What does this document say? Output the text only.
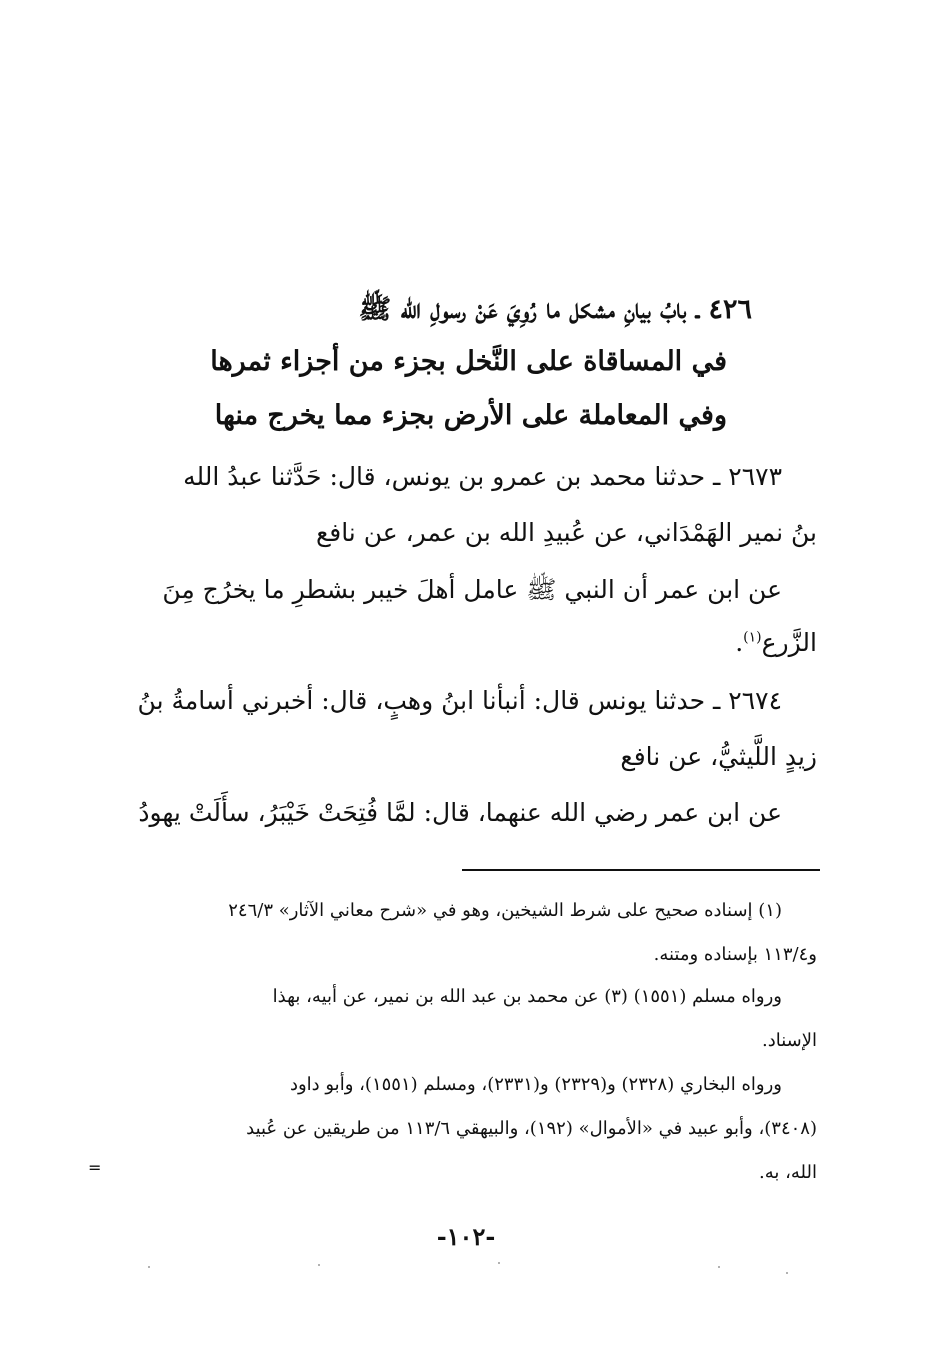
٤٢٦ ـ بابُ بيانِ مشكل ما رُوِيَ عَنْ رسولِ الله ﷺ
في المساقاة على النَّخل بجزء من أجزاء ثمرها
وفي المعاملة على الأرض بجزء مما يخرج منها
٢٦٧٣ ـ حدثنا محمد بن عمرو بن يونس، قال: حَدَّثنا عبدُ الله
بنُ نمير الهَمْدَاني، عن عُبيدِ الله بن عمر، عن نافع
عن ابن عمر أن النبي ﷺ عامل أهلَ خيبر بشطرِ ما يخرُج مِنَ
الزَّرع$^{(١)}$.
٢٦٧٤ ـ حدثنا يونس قال: أنبأنا ابنُ وهبٍ، قال: أخبرني أسامةُ بنُ
زيدٍ اللَّيثيُّ، عن نافع
عن ابن عمر رضي الله عنهما، قال: لمَّا فُتِحَتْ خَيْبَرُ، سأَلَتْ يهودُ
(١) إسناده صحيح على شرط الشيخين، وهو في «شرح معاني الآثار» ٢٤٦/٣
و١١٣/٤ بإسناده ومتنه.
ورواه مسلم (١٥٥١) (٣) عن محمد بن عبد الله بن نمير، عن أبيه، بهذا
الإسناد.
ورواه البخاري (٢٣٢٨) و(٢٣٢٩) و(٢٣٣١)، ومسلم (١٥٥١)، وأبو داود
(٣٤٠٨)، وأبو عبيد في «الأموال» (١٩٢)، والبيهقي ١١٣/٦ من طريقين عن عُبيد
الله، به.
-١٠٢-
=
